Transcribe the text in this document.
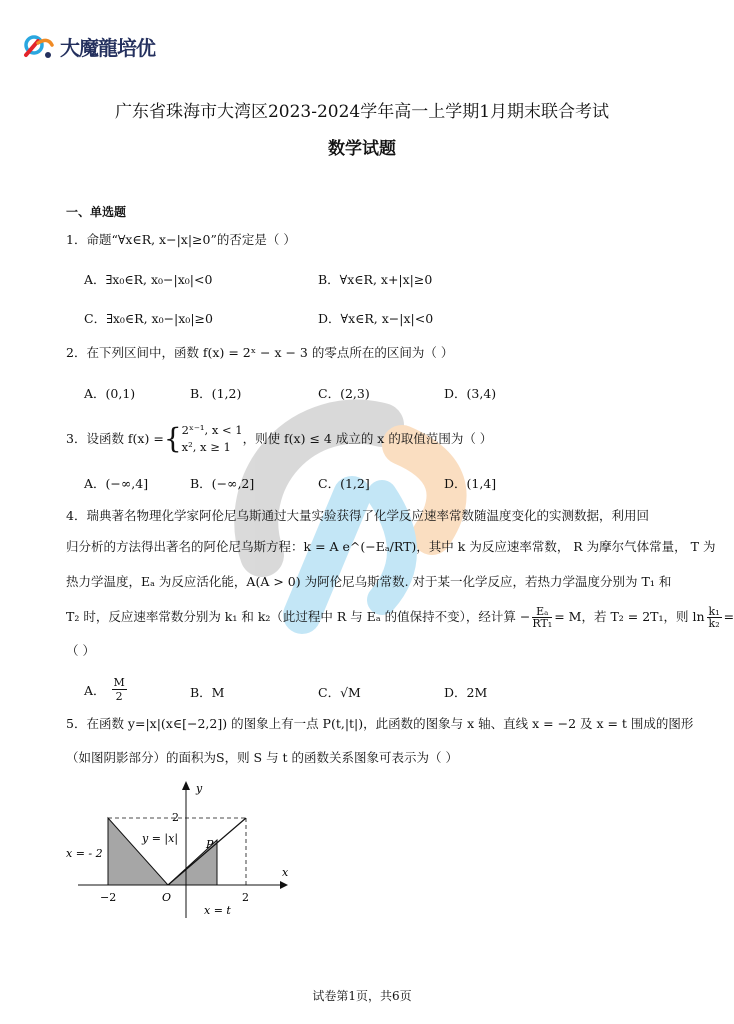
大魔龍培优
广东省珠海市大湾区2023-2024学年高一上学期1月期末联合考试
数学试题
一、单选题
1．命题“∀x∈R, x−|x|≥0”的否定是（ ）
A．∃x₀∈R, x₀−|x₀|<0	B．∀x∈R, x+|x|≥0
C．∃x₀∈R, x₀−|x₀|≥0	D．∀x∈R, x−|x|<0
2．在下列区间中，函数 f(x) = 2ˣ − x − 3 的零点所在的区间为（ ）
A．(0,1)	B．(1,2)	C．(2,3)	D．(3,4)
3．设函数 f(x) = { 2ˣ⁻¹, x < 1
x², x ≥ 1
，则使 f(x) ≤ 4 成立的 x 的取值范围为（ ）
A．(−∞,4]	B．(−∞,2]	C．(1,2]	D．(1,4]
4．瑞典著名物理化学家阿伦尼乌斯通过大量实验获得了化学反应速率常数随温度变化的实测数据，利用回
归分析的方法得出著名的阿伦尼乌斯方程：k = A e^(−Eₐ/RT)，其中 k 为反应速率常数， R 为摩尔气体常量， T 为
热力学温度，Eₐ 为反应活化能，A(A > 0) 为阿伦尼乌斯常数. 对于某一化学反应，若热力学温度分别为 T₁ 和
T₂ 时，反应速率常数分别为 k₁ 和 k₂（此过程中 R 与 Eₐ 的值保持不变），经计算 − $\frac{\text{Eₐ}}{\text{RT₁}} = M$，若 T₂ = 2T₁，则 $\ln \frac{\text{k₁}}{\text{k₂}}$ =
（ ）
A． $\frac{M}{2}$	B．M	C．√M	D．2M
5．在函数 y=|x|(x∈[−2,2]) 的图象上有一点 P(t,|t|)，此函数的图象与 x 轴、直线 x = −2 及 x = t 围成的图形
（如图阴影部分）的面积为S，则 S 与 t 的函数关系图象可表示为（ ）
y
x
O
−2	2
2
y = |x|	P
x = - 2
x = t
试卷第1页，共6页
